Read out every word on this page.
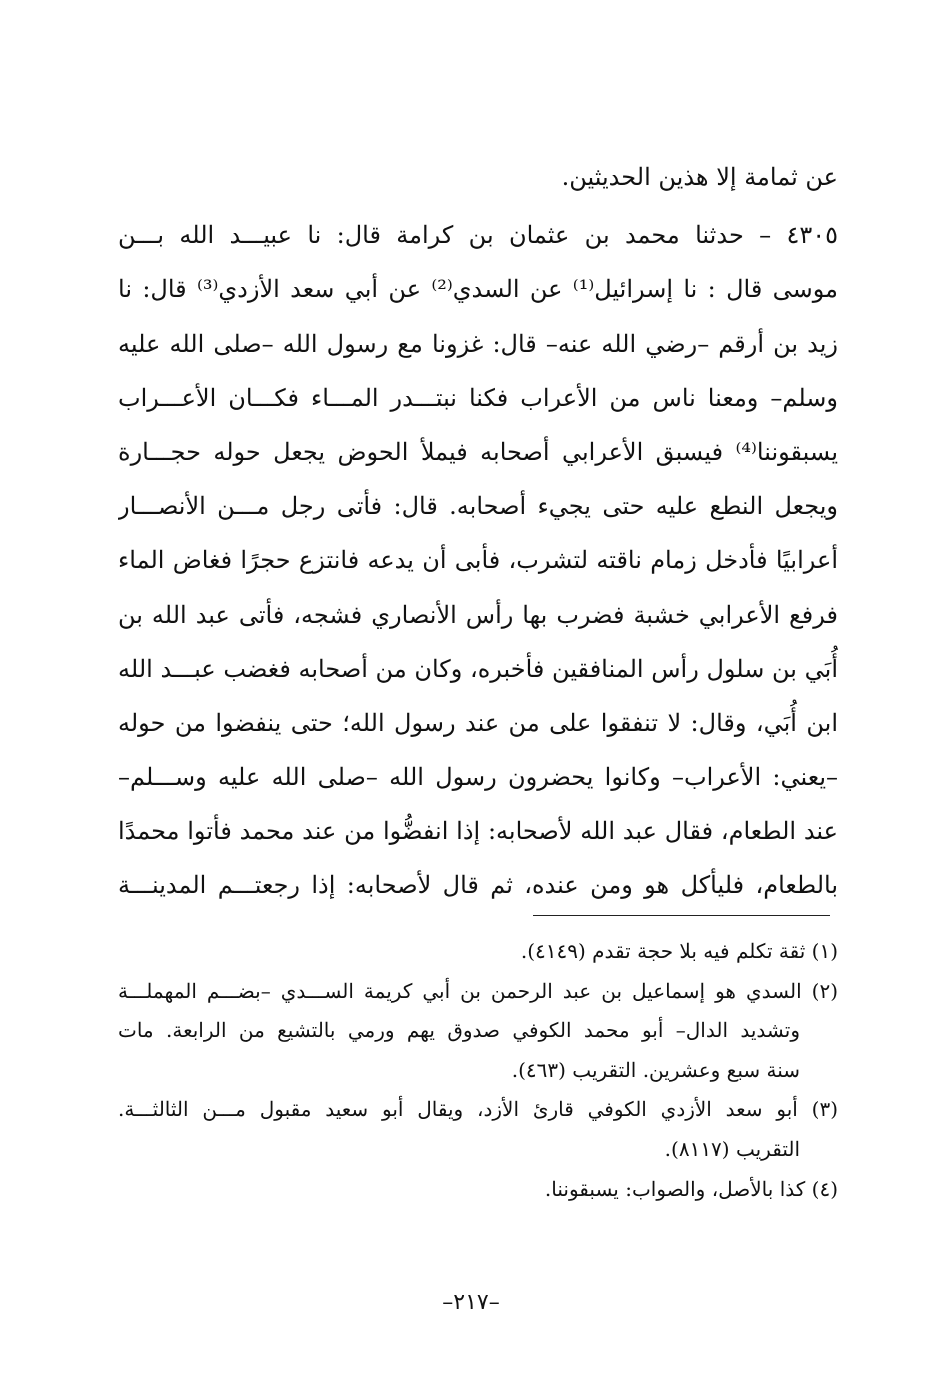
عن ثمامة إلا هذين الحديثين.
٤٣٠٥ – حدثنا محمد بن عثمان بن كرامة قال: نا عبيـــد الله بـــن
موسى قال : نا إسرائيل⁽¹⁾ عن السدي⁽²⁾ عن أبي سعد الأزدي⁽³⁾ قال: نا
زيد بن أرقم –رضي الله عنه– قال: غزونا مع رسول الله –صلى الله عليه
وسلم– ومعنا ناس من الأعراب فكنا نبتـــدر المـــاء فكـــان الأعـــراب
يسبقوننا⁽⁴⁾ فيسبق الأعرابي أصحابه فيملأ الحوض يجعل حوله حجـــارة
ويجعل النطع عليه حتى يجيء أصحابه. قال: فأتى رجل مـــن الأنصـــار
أعرابيًا فأدخل زمام ناقته لتشرب، فأبى أن يدعه فانتزع حجرًا فغاض الماء
فرفع الأعرابي خشبة فضرب بها رأس الأنصاري فشجه، فأتى عبد الله بن
أُبَي بن سلول رأس المنافقين فأخبره، وكان من أصحابه فغضب عبـــد الله
ابن أُبَي، وقال: لا تنفقوا على من عند رسول الله؛ حتى ينفضوا من حوله
–يعني: الأعراب– وكانوا يحضرون رسول الله –صلى الله عليه وســـلم–
عند الطعام، فقال عبد الله لأصحابه: إذا انفضُّوا من عند محمد فأتوا محمدًا
بالطعام، فليأكل هو ومن عنده، ثم قال لأصحابه: إذا رجعتـــم المدينـــة
(١) ثقة تكلم فيه بلا حجة تقدم (٤١٤٩).
(٢) السدي هو إسماعيل بن عبد الرحمن بن أبي كريمة الســـدي –بضـــم المهملـــة
وتشديد الدال– أبو محمد الكوفي صدوق يهم ورمي بالتشيع من الرابعة. مات
سنة سبع وعشرين. التقريب (٤٦٣).
(٣) أبو سعد الأزدي الكوفي قارئ الأزد، ويقال أبو سعيد مقبول مـــن الثالثـــة.
التقريب (٨١١٧).
(٤) كذا بالأصل، والصواب: يسبقوننا.
–٢١٧–
